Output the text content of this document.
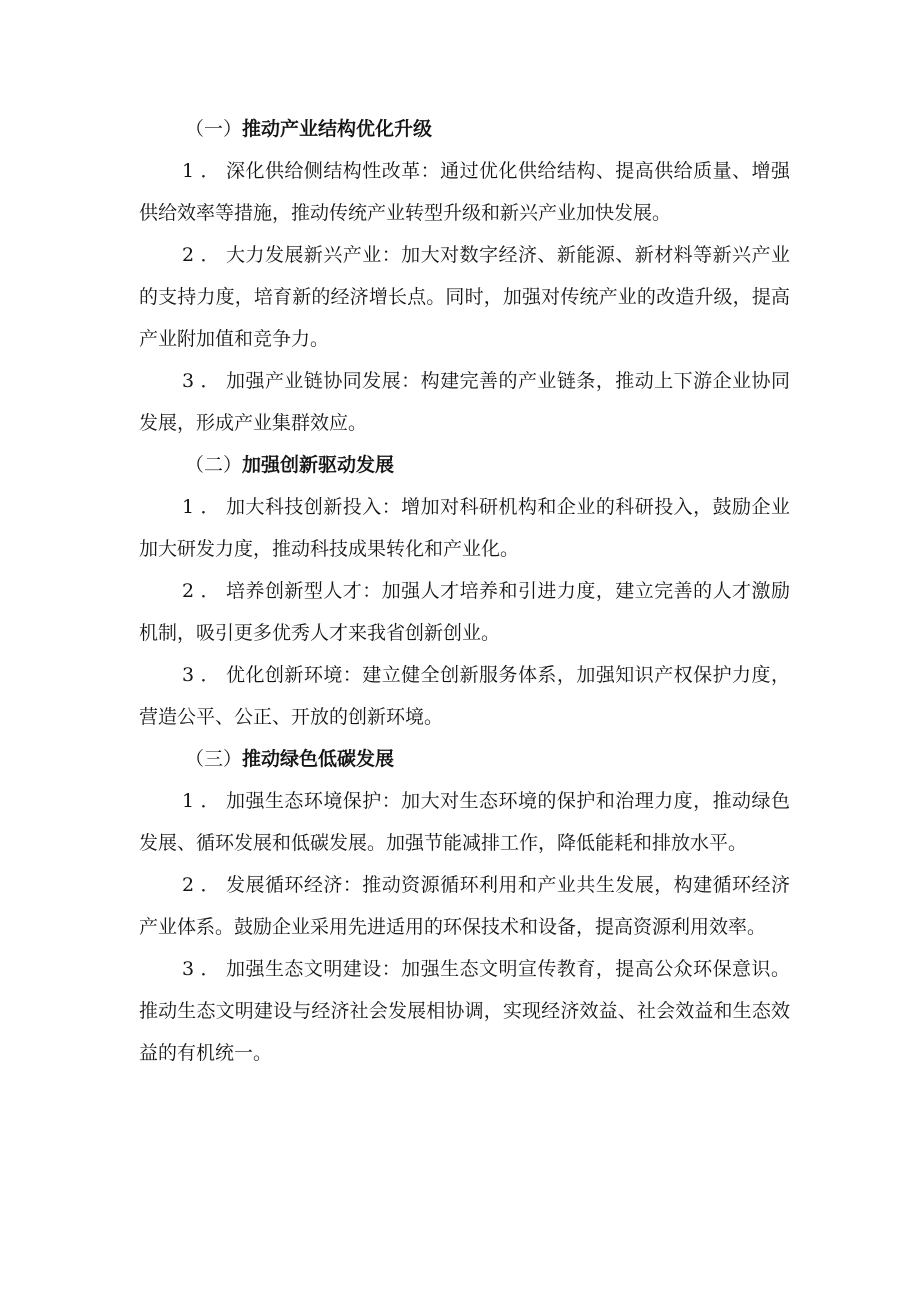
（一）推动产业结构优化升级
1．深化供给侧结构性改革：通过优化供给结构、提高供给质量、增强供给效率等措施，推动传统产业转型升级和新兴产业加快发展。
2．大力发展新兴产业：加大对数字经济、新能源、新材料等新兴产业的支持力度，培育新的经济增长点。同时，加强对传统产业的改造升级，提高产业附加值和竞争力。
3．加强产业链协同发展：构建完善的产业链条，推动上下游企业协同发展，形成产业集群效应。
（二）加强创新驱动发展
1．加大科技创新投入：增加对科研机构和企业的科研投入，鼓励企业加大研发力度，推动科技成果转化和产业化。
2．培养创新型人才：加强人才培养和引进力度，建立完善的人才激励机制，吸引更多优秀人才来我省创新创业。
3．优化创新环境：建立健全创新服务体系，加强知识产权保护力度，营造公平、公正、开放的创新环境。
（三）推动绿色低碳发展
1．加强生态环境保护：加大对生态环境的保护和治理力度，推动绿色发展、循环发展和低碳发展。加强节能减排工作，降低能耗和排放水平。
2．发展循环经济：推动资源循环利用和产业共生发展，构建循环经济产业体系。鼓励企业采用先进适用的环保技术和设备，提高资源利用效率。
3．加强生态文明建设：加强生态文明宣传教育，提高公众环保意识。推动生态文明建设与经济社会发展相协调，实现经济效益、社会效益和生态效益的有机统一。
